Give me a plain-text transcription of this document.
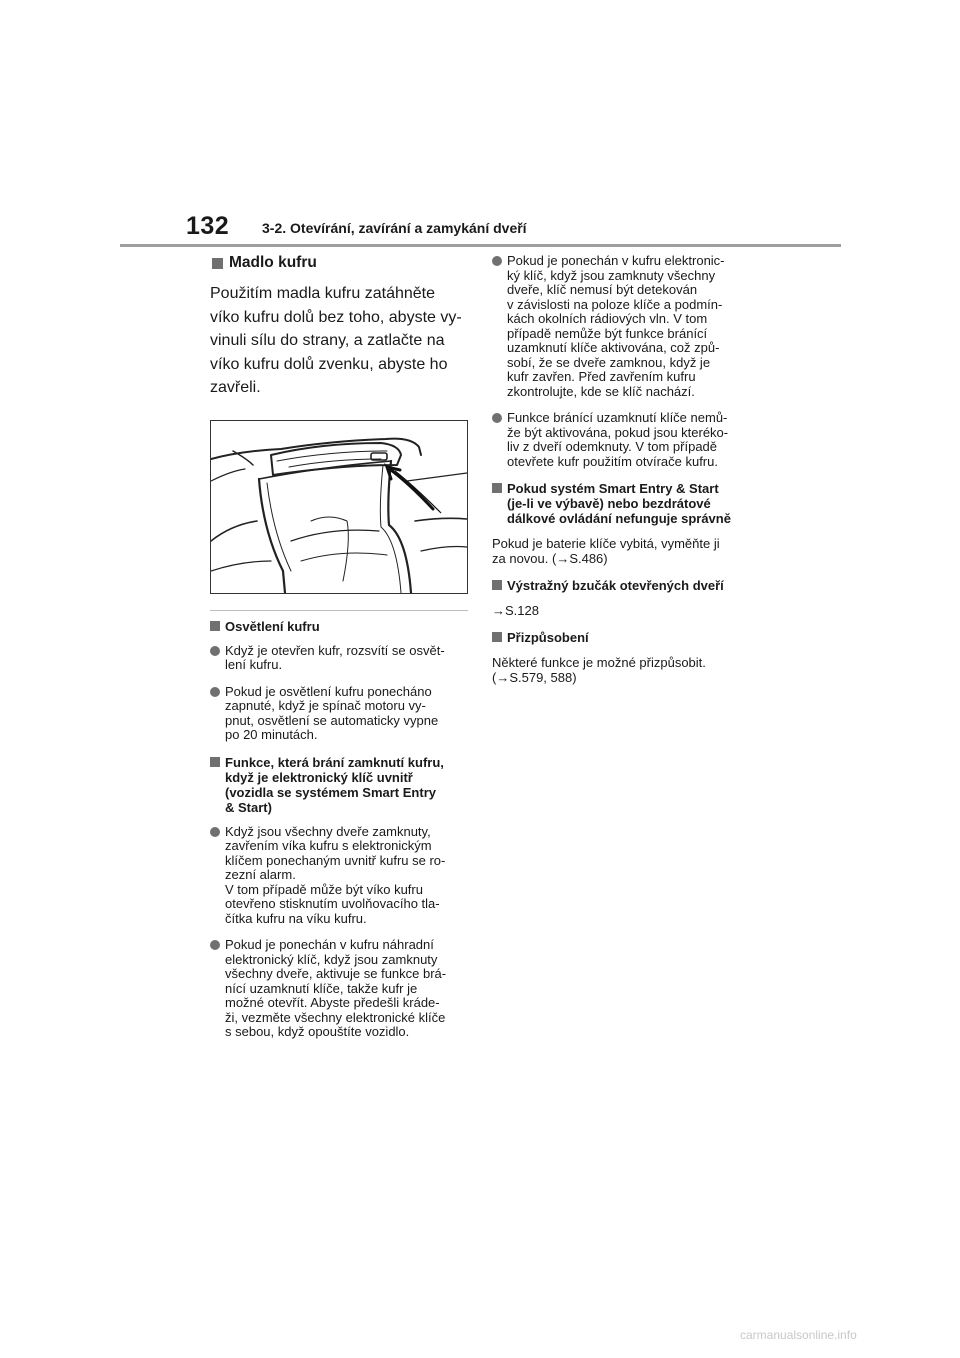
132 3-2. Otevírání, zavírání a zamykání dveří
Madlo kufru

Použitím madla kufru zatáhněte víko kufru dolů bez toho, abyste vy-vinuli sílu do strany, a zatlačte na víko kufru dolů zvenku, abyste ho zavřeli.

Osvětlení kufru
Když je otevřen kufr, rozsvítí se osvět-
lení kufru.
Pokud je osvětlení kufru ponecháno
zapnuté, když je spínač motoru vy-
pnut, osvětlení se automaticky vypne
po 20 minutách.
Funkce, která brání zamknutí kufru,
když je elektronický klíč uvnitř
(vozidla se systémem Smart Entry
& Start)
Když jsou všechny dveře zamknuty,
zavřením víka kufru s elektronickým
klíčem ponechaným uvnitř kufru se ro-
zezní alarm.
V tom případě může být víko kufru
otevřeno stisknutím uvolňovacího tla-
čítka kufru na víku kufru.
Pokud je ponechán v kufru náhradní
elektronický klíč, když jsou zamknuty
všechny dveře, aktivuje se funkce brá-
nící uzamknutí klíče, takže kufr je
možné otevřít. Abyste předešli kráde-
ži, vezměte všechny elektronické klíče
s sebou, když opouštíte vozidlo.
Pokud je ponechán v kufru elektronic-
ký klíč, když jsou zamknuty všechny
dveře, klíč nemusí být detekován
v závislosti na poloze klíče a podmín-
kách okolních rádiových vln. V tom
případě nemůže být funkce bránící
uzamknutí klíče aktivována, což způ-
sobí, že se dveře zamknou, když je
kufr zavřen. Před zavřením kufru
zkontrolujte, kde se klíč nachází.
Funkce bránící uzamknutí klíče nemů-
že být aktivována, pokud jsou kteréko-
liv z dveří odemknuty. V tom případě
otevřete kufr použitím otvírače kufru.
Pokud systém Smart Entry & Start
(je-li ve výbavě) nebo bezdrátové
dálkové ovládání nefunguje správně

Pokud je baterie klíče vybitá, vyměňte ji
za novou. (→S.486)

Výstražný bzučák otevřených dveří

→S.128

Přizpůsobení

Některé funkce je možné přizpůsobit.
(→S.579, 588)

carmanualsonline.info
